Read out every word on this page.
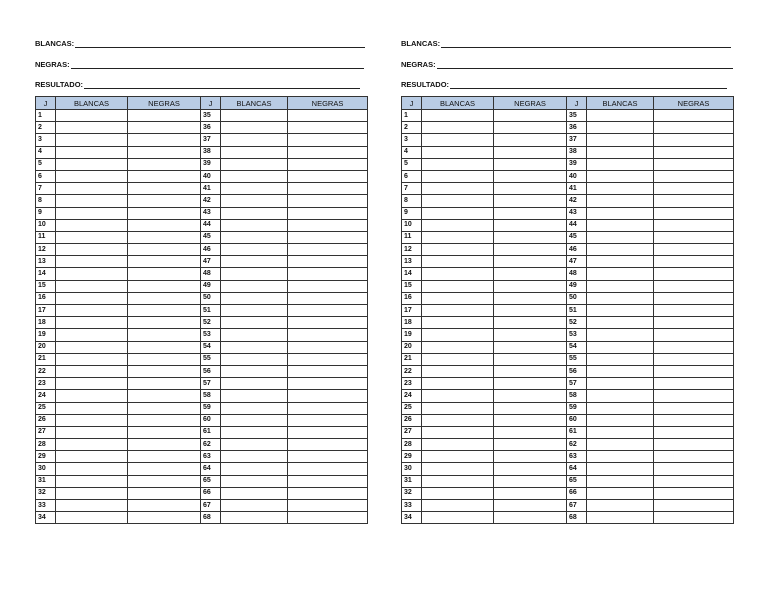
BLANCAS:
NEGRAS:
RESULTADO:
J	BLANCAS	NEGRAS	J	BLANCAS	NEGRAS
1			35		
2			36		
3			37		
4			38		
5			39		
6			40		
7			41		
8			42		
9			43		
10			44		
11			45		
12			46		
13			47		
14			48		
15			49		
16			50		
17			51		
18			52		
19			53		
20			54		
21			55		
22			56		
23			57		
24			58		
25			59		
26			60		
27			61		
28			62		
29			63		
30			64		
31			65		
32			66		
33			67		
34			68		
BLANCAS:
NEGRAS:
RESULTADO:
J	BLANCAS	NEGRAS	J	BLANCAS	NEGRAS
1			35		
2			36		
3			37		
4			38		
5			39		
6			40		
7			41		
8			42		
9			43		
10			44		
11			45		
12			46		
13			47		
14			48		
15			49		
16			50		
17			51		
18			52		
19			53		
20			54		
21			55		
22			56		
23			57		
24			58		
25			59		
26			60		
27			61		
28			62		
29			63		
30			64		
31			65		
32			66		
33			67		
34			68		
